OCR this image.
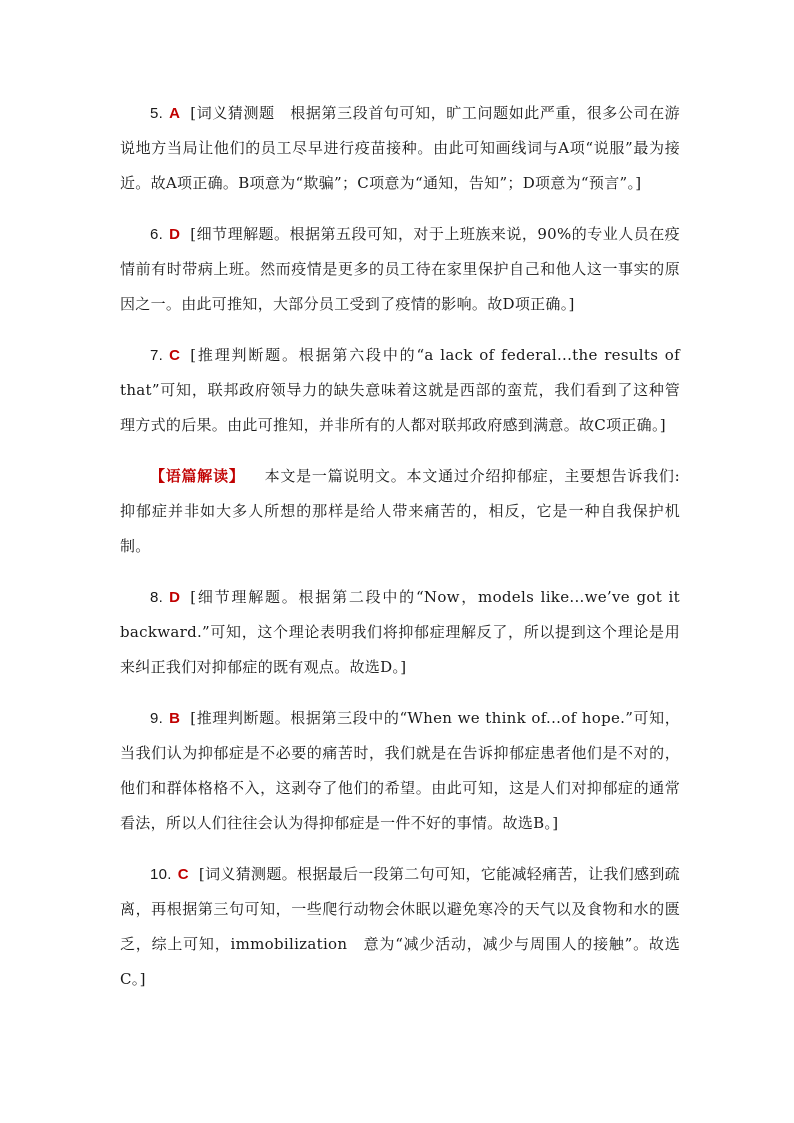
5. A [词义猜测题　根据第三段首句可知，旷工问题如此严重，很多公司在游说地方当局让他们的员工尽早进行疫苗接种。由此可知画线词与A项“说服”最为接近。故A项正确。B项意为“欺骗”；C项意为“通知，告知”；D项意为“预言”。]

6. D [细节理解题。根据第五段可知，对于上班族来说，90%的专业人员在疫情前有时带病上班。然而疫情是更多的员工待在家里保护自己和他人这一事实的原因之一。由此可推知，大部分员工受到了疫情的影响。故D项正确。]

7. C [推理判断题。根据第六段中的“a lack of federal...the results of that”可知，联邦政府领导力的缺失意味着这就是西部的蛮荒，我们看到了这种管理方式的后果。由此可推知，并非所有的人都对联邦政府感到满意。故C项正确。]

【语篇解读】 本文是一篇说明文。本文通过介绍抑郁症，主要想告诉我们: 抑郁症并非如大多人所想的那样是给人带来痛苦的，相反，它是一种自我保护机制。

8. D [细节理解题。根据第二段中的“Now，models like...we’ve got it backward.”可知，这个理论表明我们将抑郁症理解反了，所以提到这个理论是用来纠正我们对抑郁症的既有观点。故选D。]

9. B [推理判断题。根据第三段中的“When we think of...of hope.”可知，当我们认为抑郁症是不必要的痛苦时，我们就是在告诉抑郁症患者他们是不对的，他们和群体格格不入，这剥夺了他们的希望。由此可知，这是人们对抑郁症的通常看法，所以人们往往会认为得抑郁症是一件不好的事情。故选B。]

10. C [词义猜测题。根据最后一段第二句可知，它能减轻痛苦，让我们感到疏离，再根据第三句可知，一些爬行动物会休眠以避免寒冷的天气以及食物和水的匮乏，综上可知，immobilization　意为“减少活动，减少与周围人的接触”。故选C。]
